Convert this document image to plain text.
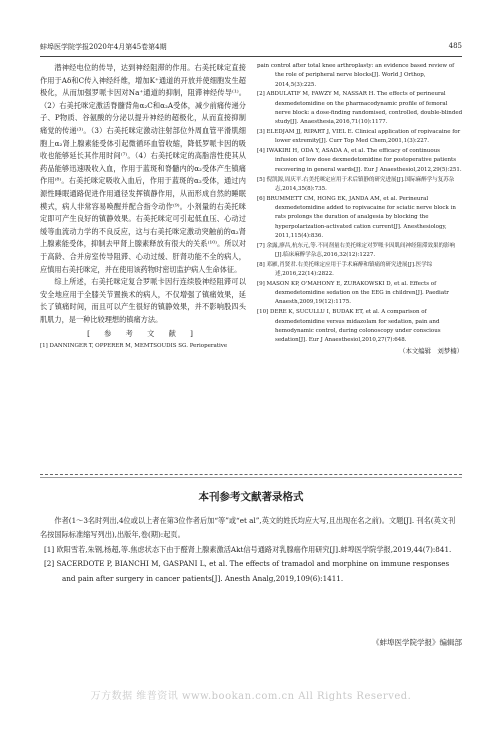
蚌埠医学院学报2020年4月第45卷第4期	485

潜神经电位的传导，达到神经阻滞的作用。右美托咪定直接作用于Aδ和C传入神经纤维，增加K⁺通道的开放并使细胞发生超极化，从而加强罗哌卡因对Na⁺通道的抑制，阻滞神经传导⁽¹⁾。（2）右美托咪定激活脊髓背角α₂C和α₂A受体，减少前痛传递分子、P物质、谷氨酸的分泌以提升神经的超极化，从而直接抑制痛觉的传递⁽³⁾。（3）右美托咪定激动注射部位外周血管平滑肌细胞上α₂肾上腺素能受体引起微循环血管收缩，降低罗哌卡因的吸收也能够延长其作用时间⁽⁷⁾。（4）右美托咪定的高脂溶性使其从药品能够迅速吸收入血，作用于蓝斑和脊髓内的α₂受体产生镇痛作用⁽⁸⁾。右美托咪定吸收入血后，作用于蓝斑的α₂受体，通过内源性睡眠通路促进作用通径发挥镇静作用，从而形成自然的睡眠模式，病人非常容易唤醒并配合指令动作⁽⁹⁾。小剂量的右美托咪定即可产生良好的镇静效果。右美托咪定可引起低血压、心动过缓等血流动力学的不良反应，这与右美托咪定激动突触前的α₂肾上腺素能受体，抑制去甲肾上腺素释放有很大的关系⁽¹⁰⁾。所以对于高龄、合并房室传导阻滞、心动过缓、肝肾功能不全的病人，应慎用右美托咪定，并在使用该药物时密切监护病人生命体征。

综上所述，右美托咪定复合罗哌卡因行连续股神经阻滞可以安全地应用于全膝关节置换术的病人，不仅增强了镇痛效果，延长了镇痛时间，而且可以产生很好的镇静效果，并不影响股四头肌肌力，是一种比较理想的镇痛方法。

[ 参 考 文 献 ]
[1] DANNINGER T, OPPERER M, MEMTSOUDIS SG. Perioperative
pain control after total knee arthroplasty: an evidence based review of the role of peripheral nerve blocks[J]. World J Orthop, 2014,5(3):225.
[2] ABDULATIF M, FAWZY M, NASSAR H. The effects of perineural dexmedetomidine on the pharmacodynamic profile of femoral nerve block: a dose-finding randomised, controlled, double-blinded study[J]. Anaesthesia,2016,71(10):1177.
[3] ELEDJAM JJ, RIPART J, VIEL E. Clinical application of ropivacaine for lower extremity[J]. Curr Top Med Chem,2001,1(3):227.
[4] IWAKIRI H, ODA Y, ASADA A, et al. The efficacy of continuous infusion of low dose dexmedetomidine for postoperative patients recovering in general wards[J]. Eur J Anaesthesiol,2012,29(5):251.
[5] 倪凯源,周庆平.右美托咪定应用于术后镇静的研究进展[J].国际麻醉学与复苏杂志,2014,35(8):735.
[6] BRUMMETT CM, HONG EK, JANDA AM, et al. Perineural dexmedetomidine added to ropivacaine for sciatic nerve block in rats prolongs the duration of analgesia by blocking the hyperpolarization-activated cation current[J]. Anesthesiology, 2011,115(4):836.
[7] 余露,廖昌,杭东元,等.不同剂量右美托咪定对罗哌卡因肌间神经阻滞效果的影响[J].临床麻醉学杂志,2016,32(12):1227.
[8] 邓雁,肖贤君.右美托咪定应用于手术麻醉和镇痛的研究进展[J].医学综述,2016,22(14):2822.
[9] MASON KP, O'MAHONY E, ZURAKOWSKI D, et al. Effects of dexmedetomidine sedation on the EEG in children[J]. Paediatr Anaesth,2009,19(12):1175.
[10] DERE K, SUCULLU I, BUDAK ET, et al. A comparison of dexmedetomidine versus midazolam for sedation, pain and hemodynamic control, during colonoscopy under conscious sedation[J]. Eur J Anaesthesiol,2010,27(7):648.
（本文编辑　刘梦楠）
本刊参考文献著录格式

作者(1～3名时列出,4位或以上者在第3位作者后加“等”或“et al”,英文的姓氏均应大写,且出现在名之前)。文题[J]. 刊名(英文刊名按国际标准缩写列出),出版年,卷(期):起页。

[1] 欧阳雪若,朱钢,杨超,等.焦虑状态下由于醛肾上腺素激活Akt信号通路对乳腺癌作用研究[J].蚌埠医学院学报,2019,44(7):841.
[2] SACERDOTE P, BIANCHI M, GASPANI L, et al. The effects of tramadol and morphine on immune responses and pain after surgery in cancer patients[J]. Anesth Analg,2019,109(6):1411.
《蚌埠医学院学报》编辑部
万方数据 维普资讯 www.bookan.com.cn All Rights Reserved.
